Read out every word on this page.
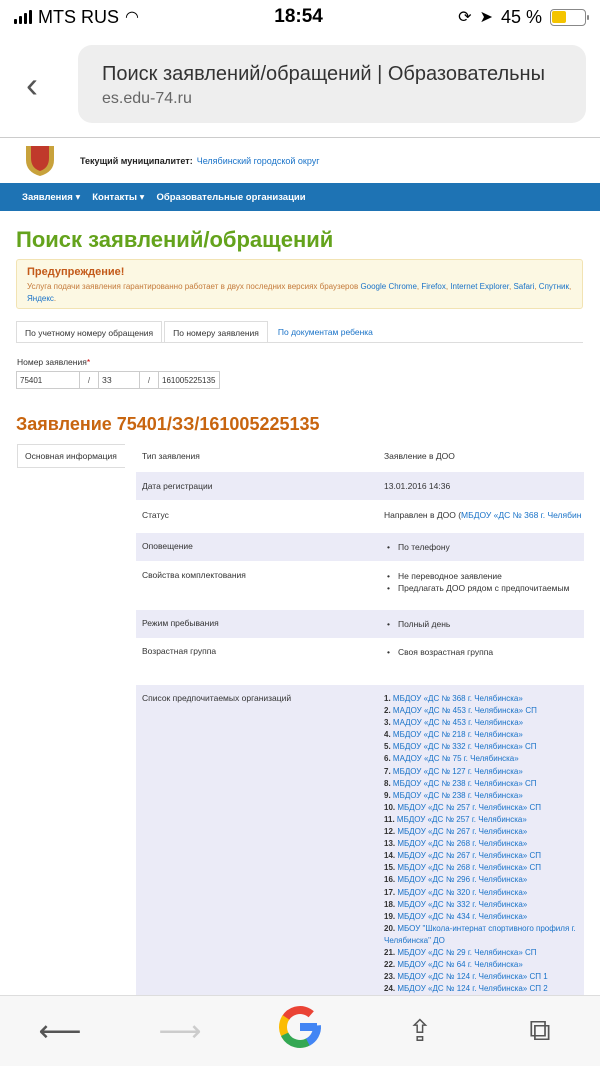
MTS RUS ◠	18:54	⟳ ➤ 45 %
‹	Поиск заявлений/обращений | Образовательны
es.edu-74.ru
Текущий муниципалитет: Челябинский городской округ
Заявления ▾ Контакты ▾ Образовательные организации
Поиск заявлений/обращений
Предупреждение!
Услуга подачи заявления гарантированно работает в двух последних версиях браузеров Google Chrome, Firefox, Internet Explorer, Safari, Спутник, Яндекс.
По учетному номеру обращения	По номеру заявления	По документам ребенка
Номер заявления*
75401
/
ЗЗ	/
161005225135
Заявление 75401/ЗЗ/161005225135
Основная информация	Тип заявления	Заявление в ДОО
Дата регистрации	13.01.2016 14:36
Статус	Направлен в ДОО (МБДОУ «ДС № 368 г. Челябин
Оповещение	• По телефону
Свойства комплектования	• Не переводное заявление
• Предлагать ДОО рядом с предпочитаемым
Режим пребывания	• Полный день
Возрастная группа	• Своя возрастная группа
Список предпочитаемых организаций	1. МБДОУ «ДС № 368 г. Челябинска»
2. МАДОУ «ДС № 453 г. Челябинска» СП
3. МАДОУ «ДС № 453 г. Челябинска»
4. МБДОУ «ДС № 218 г. Челябинска»
5. МБДОУ «ДС № 332 г. Челябинска» СП
6. МАДОУ «ДС № 75 г. Челябинска»
7. МБДОУ «ДС № 127 г. Челябинска»
8. МБДОУ «ДС № 238 г. Челябинска» СП
9. МБДОУ «ДС № 238 г. Челябинска»
10. МБДОУ «ДС № 257 г. Челябинска» СП
11. МБДОУ «ДС № 257 г. Челябинска»
12. МБДОУ «ДС № 267 г. Челябинска»
13. МБДОУ «ДС № 268 г. Челябинска»
14. МБДОУ «ДС № 267 г. Челябинска» СП
15. МБДОУ «ДС № 268 г. Челябинска» СП
16. МБДОУ «ДС № 296 г. Челябинска»
17. МБДОУ «ДС № 320 г. Челябинска»
18. МБДОУ «ДС № 332 г. Челябинска»
19. МБДОУ «ДС № 434 г. Челябинска»
20. МБОУ "Школа-интернат спортивного профиля г. Челябинска" ДО
21. МБДОУ «ДС № 29 г. Челябинска» СП
22. МБДОУ «ДС № 64 г. Челябинска»
23. МБДОУ «ДС № 124 г. Челябинска» СП 1
24. МБДОУ «ДС № 124 г. Челябинска» СП 2
⟵	⟶	⇪	⧉
